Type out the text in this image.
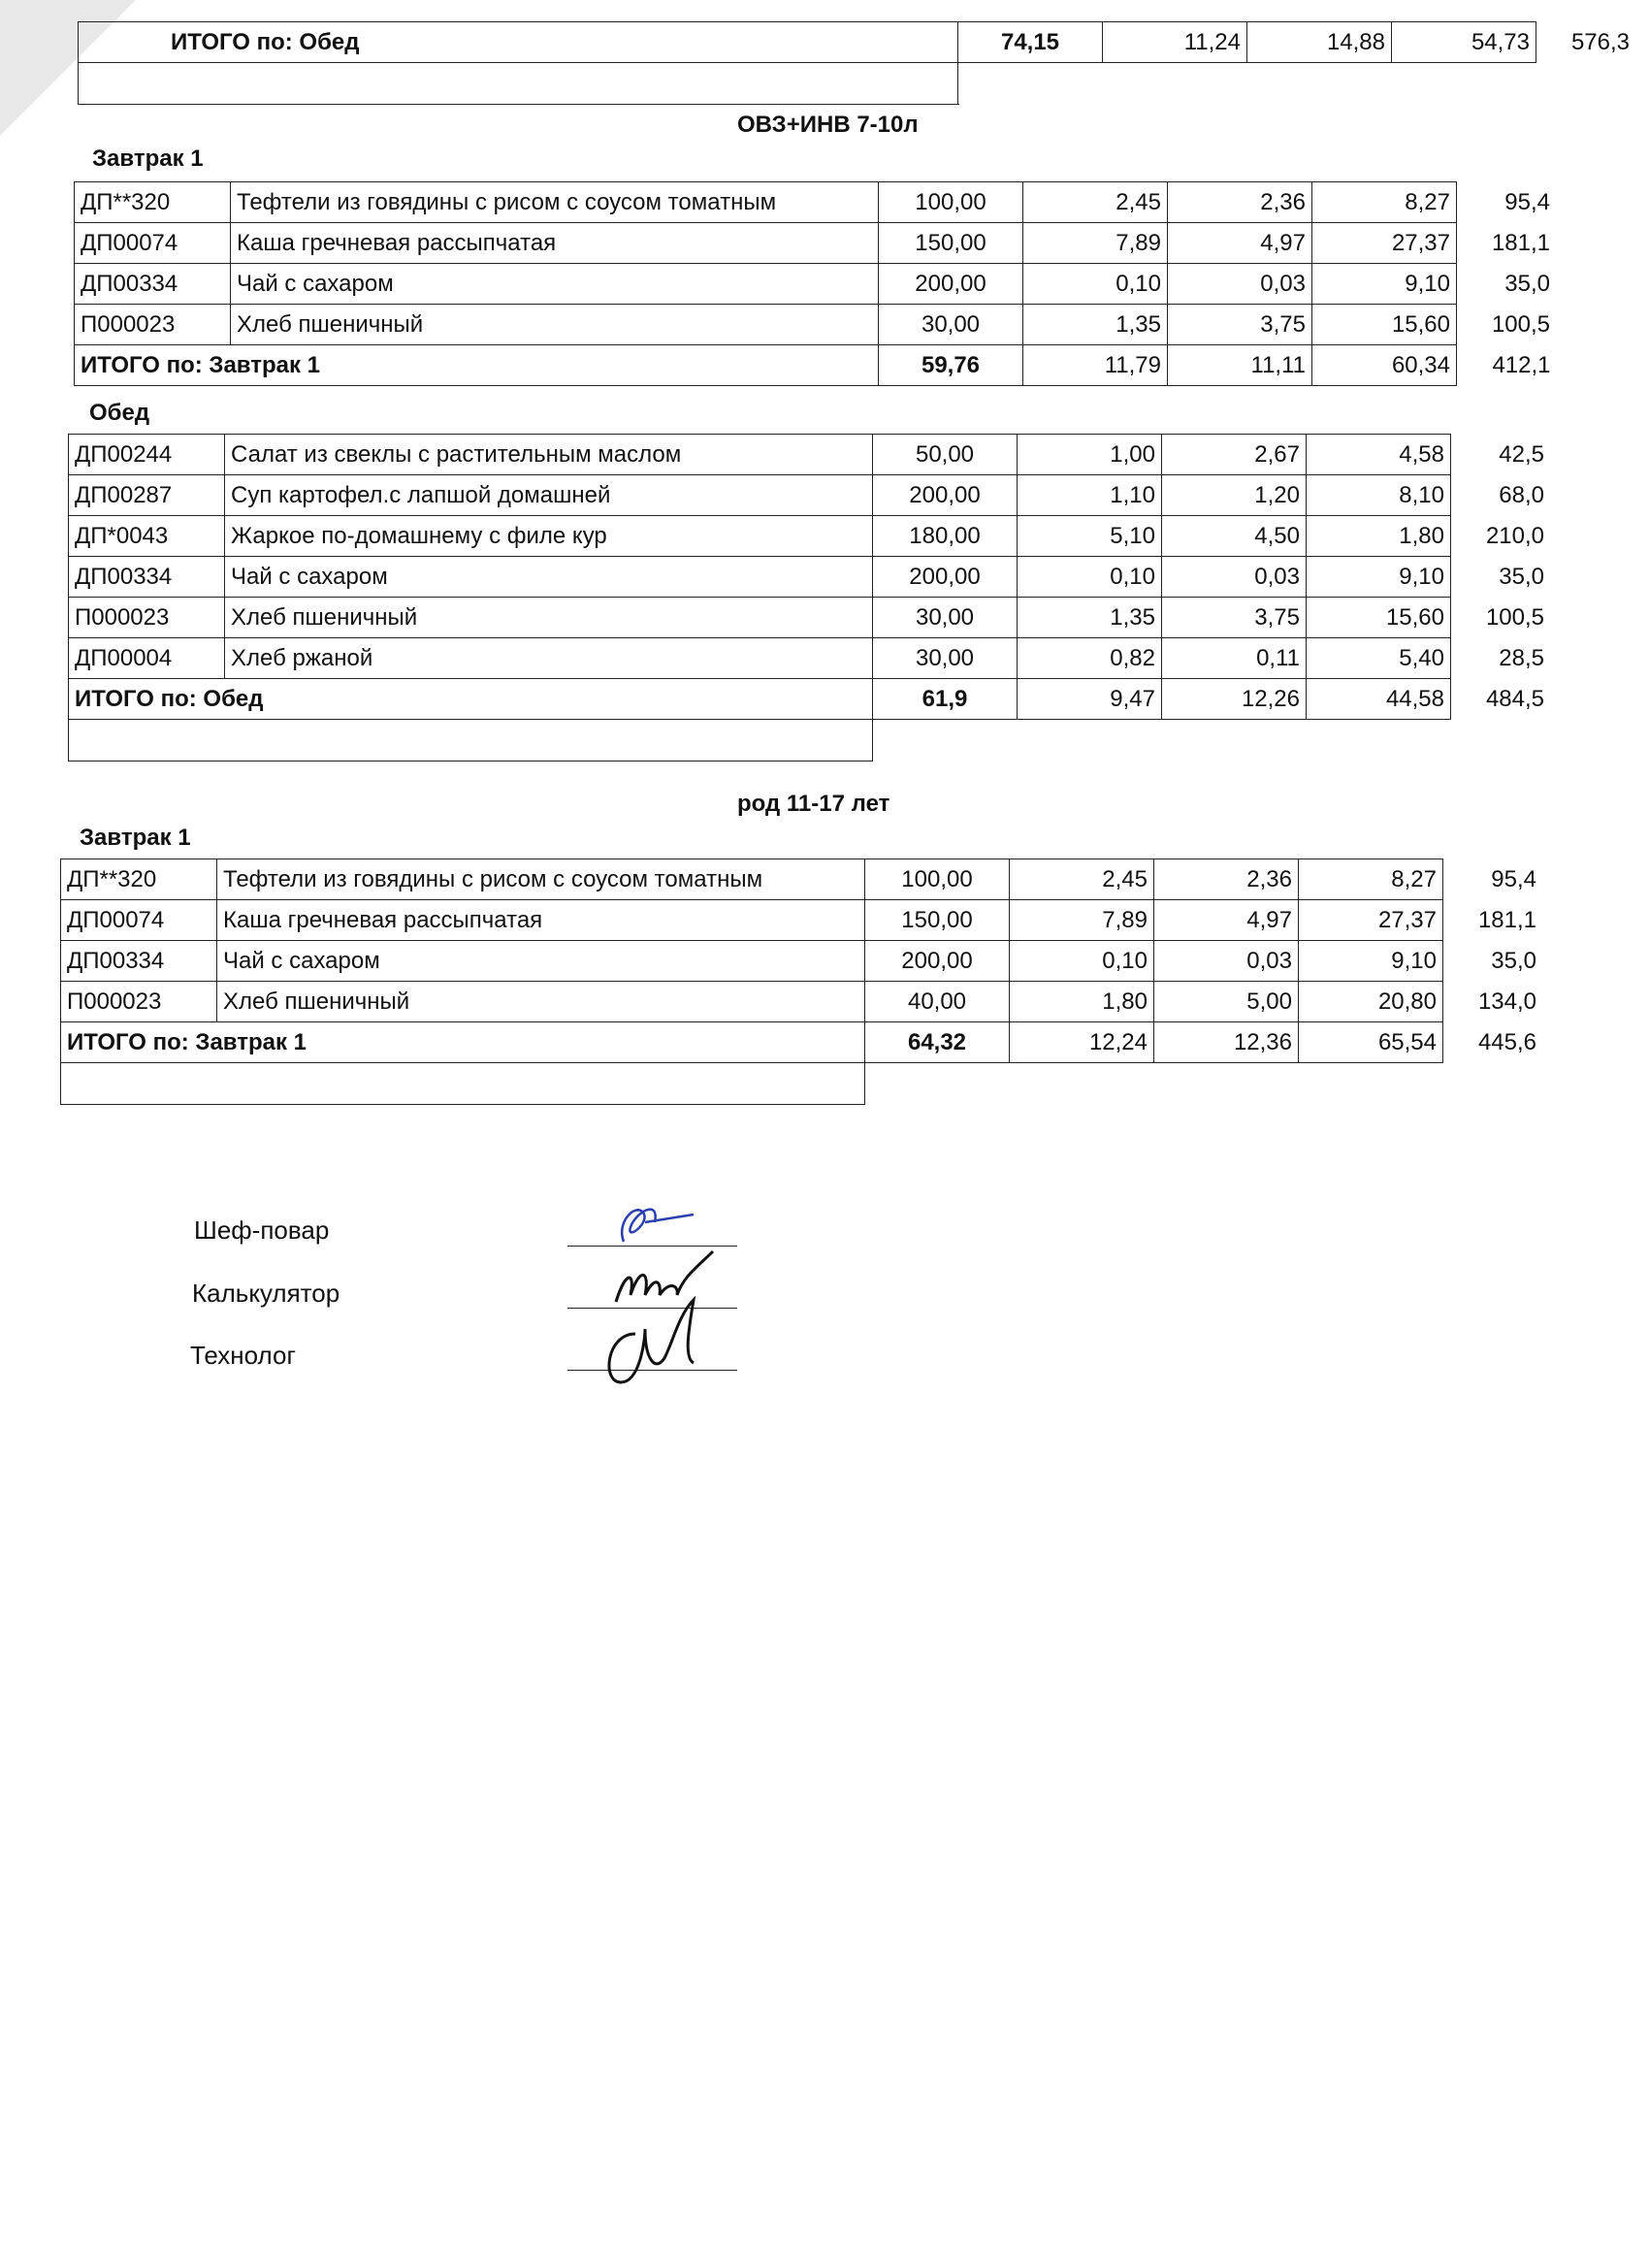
ИТОГО по: Обед	74,15	11,24	14,88	54,73	576,3

ОВЗ+ИНВ 7-10л
Завтрак 1
ДП**320	Тефтели из говядины с рисом с соусом томатным	100,00	2,45	2,36	8,27	95,4
ДП00074	Каша гречневая рассыпчатая	150,00	7,89	4,97	27,37	181,1
ДП00334	Чай с сахаром	200,00	0,10	0,03	9,10	35,0
П000023	Хлеб пшеничный	30,00	1,35	3,75	15,60	100,5
ИТОГО по: Завтрак 1		59,76	11,79	11,11	60,34	412,1
Обед
ДП00244	Салат из свеклы с растительным маслом	50,00	1,00	2,67	4,58	42,5
ДП00287	Суп картофел.с лапшой домашней	200,00	1,10	1,20	8,10	68,0
ДП*0043	Жаркое по-домашнему с филе кур	180,00	5,10	4,50	1,80	210,0
ДП00334	Чай с сахаром	200,00	0,10	0,03	9,10	35,0
П000023	Хлеб пшеничный	30,00	1,35	3,75	15,60	100,5
ДП00004	Хлеб ржаной	30,00	0,82	0,11	5,40	28,5
ИТОГО по: Обед		61,9	9,47	12,26	44,58	484,5

род 11-17 лет
Завтрак 1
ДП**320	Тефтели из говядины с рисом с соусом томатным	100,00	2,45	2,36	8,27	95,4
ДП00074	Каша гречневая рассыпчатая	150,00	7,89	4,97	27,37	181,1
ДП00334	Чай с сахаром	200,00	0,10	0,03	9,10	35,0
П000023	Хлеб пшеничный	40,00	1,80	5,00	20,80	134,0
ИТОГО по: Завтрак 1		64,32	12,24	12,36	65,54	445,6

Шеф-повар
Калькулятор
Технолог
